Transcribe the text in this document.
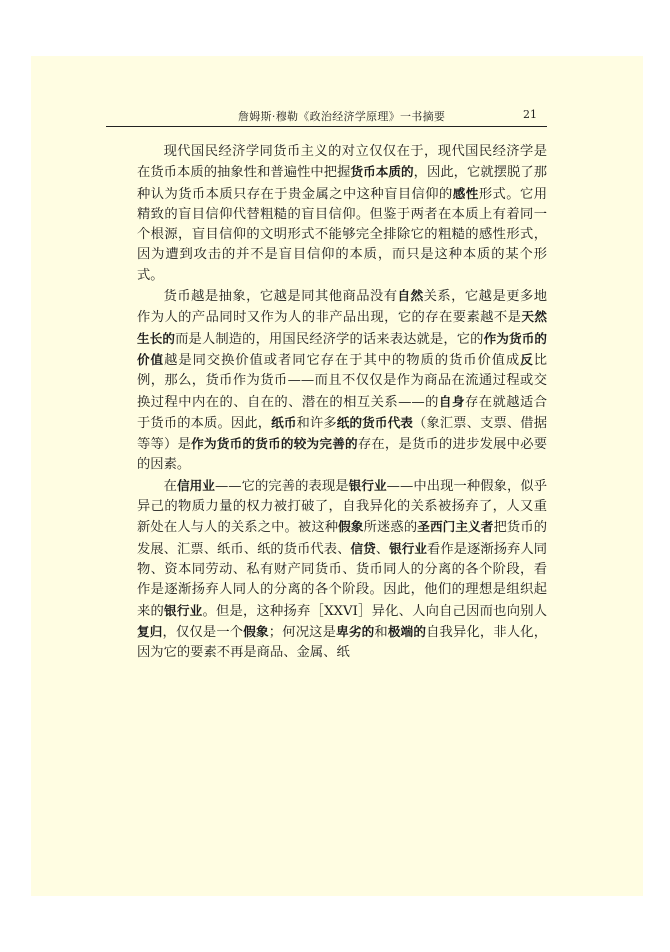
詹姆斯·穆勒《政治经济学原理》一书摘要	21

现代国民经济学同货币主义的对立仅仅在于，现代国民经济学是在货币本质的抽象性和普遍性中把握货币本质的，因此，它就摆脱了那种认为货币本质只存在于贵金属之中这种盲目信仰的感性形式。它用精致的盲目信仰代替粗糙的盲目信仰。但鉴于两者在本质上有着同一个根源，盲目信仰的文明形式不能够完全排除它的粗糙的感性形式，因为遭到攻击的并不是盲目信仰的本质，而只是这种本质的某个形式。

货币越是抽象，它越是同其他商品没有自然关系，它越是更多地作为人的产品同时又作为人的非产品出现，它的存在要素越不是天然生长的而是人制造的，用国民经济学的话来表达就是，它的作为货币的价值越是同交换价值或者同它存在于其中的物质的货币价值成反比例，那么，货币作为货币——而且不仅仅是作为商品在流通过程或交换过程中内在的、自在的、潜在的相互关系——的自身存在就越适合于货币的本质。因此，纸币和许多纸的货币代表（象汇票、支票、借据等等）是作为货币的货币的较为完善的存在，是货币的进步发展中必要的因素。

在信用业——它的完善的表现是银行业——中出现一种假象，似乎异己的物质力量的权力被打破了，自我异化的关系被扬弃了，人又重新处在人与人的关系之中。被这种假象所迷惑的圣西门主义者把货币的发展、汇票、纸币、纸的货币代表、信贷、银行业看作是逐渐扬弃人同物、资本同劳动、私有财产同货币、货币同人的分离的各个阶段，看作是逐渐扬弃人同人的分离的各个阶段。因此，他们的理想是组织起来的银行业。但是，这种扬弃［XXVI］异化、人向自己因而也向别人复归，仅仅是一个假象；何况这是卑劣的和极端的自我异化，非人化，因为它的要素不再是商品、金属、纸
